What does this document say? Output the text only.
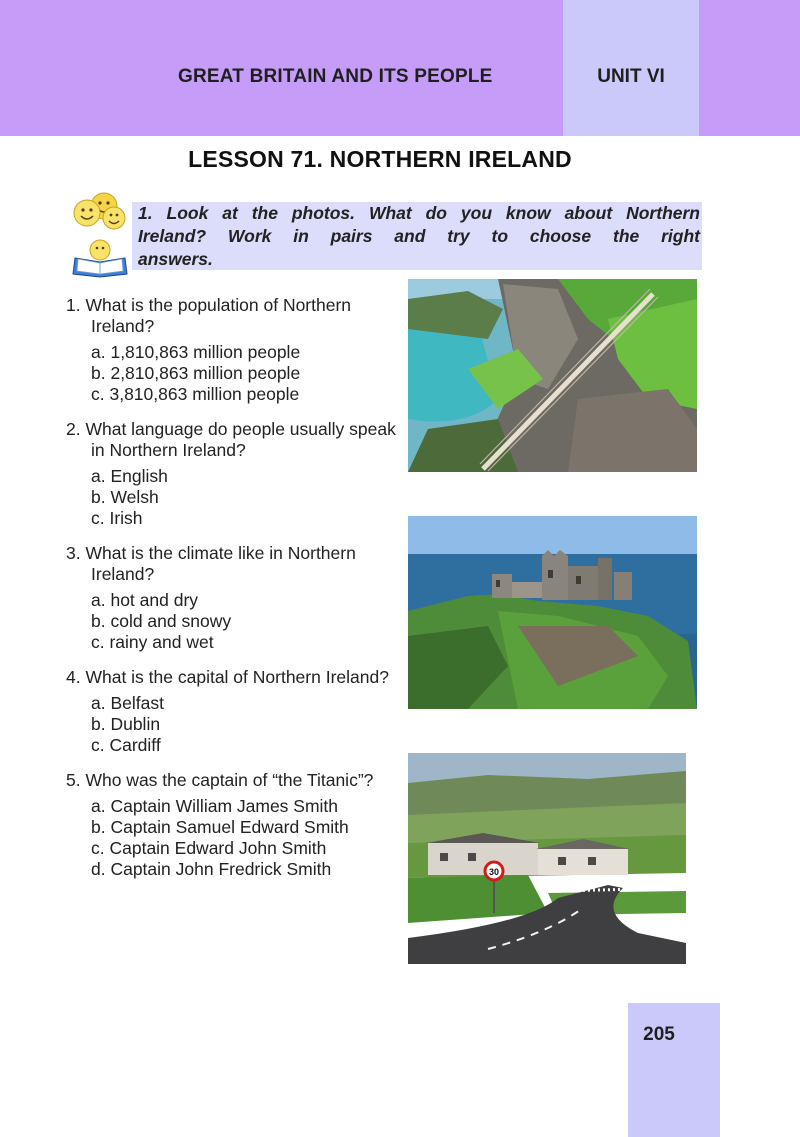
GREAT BRITAIN AND ITS PEOPLE	UNIT VI
LESSON 71. NORTHERN IRELAND
1. Look at the photos. What do you know about Northern
Ireland? Work in pairs and try to choose the right
answers.
1. What is the population of Northern Ireland?
a. 1,810,863 million people
b. 2,810,863 million people
c. 3,810,863 million people
2. What language do people usually speak in Northern Ireland?
a. English
b. Welsh
c. Irish
3. What is the climate like in Northern Ireland?
a. hot and dry
b. cold and snowy
c. rainy and wet
4. What is the capital of Northern Ireland?
a. Belfast
b. Dublin
c. Cardiff
5. Who was the captain of “the Titanic”?
a. Captain William James Smith
b. Captain Samuel Edward Smith
c. Captain Edward John Smith
d. Captain John Fredrick Smith	30
205
